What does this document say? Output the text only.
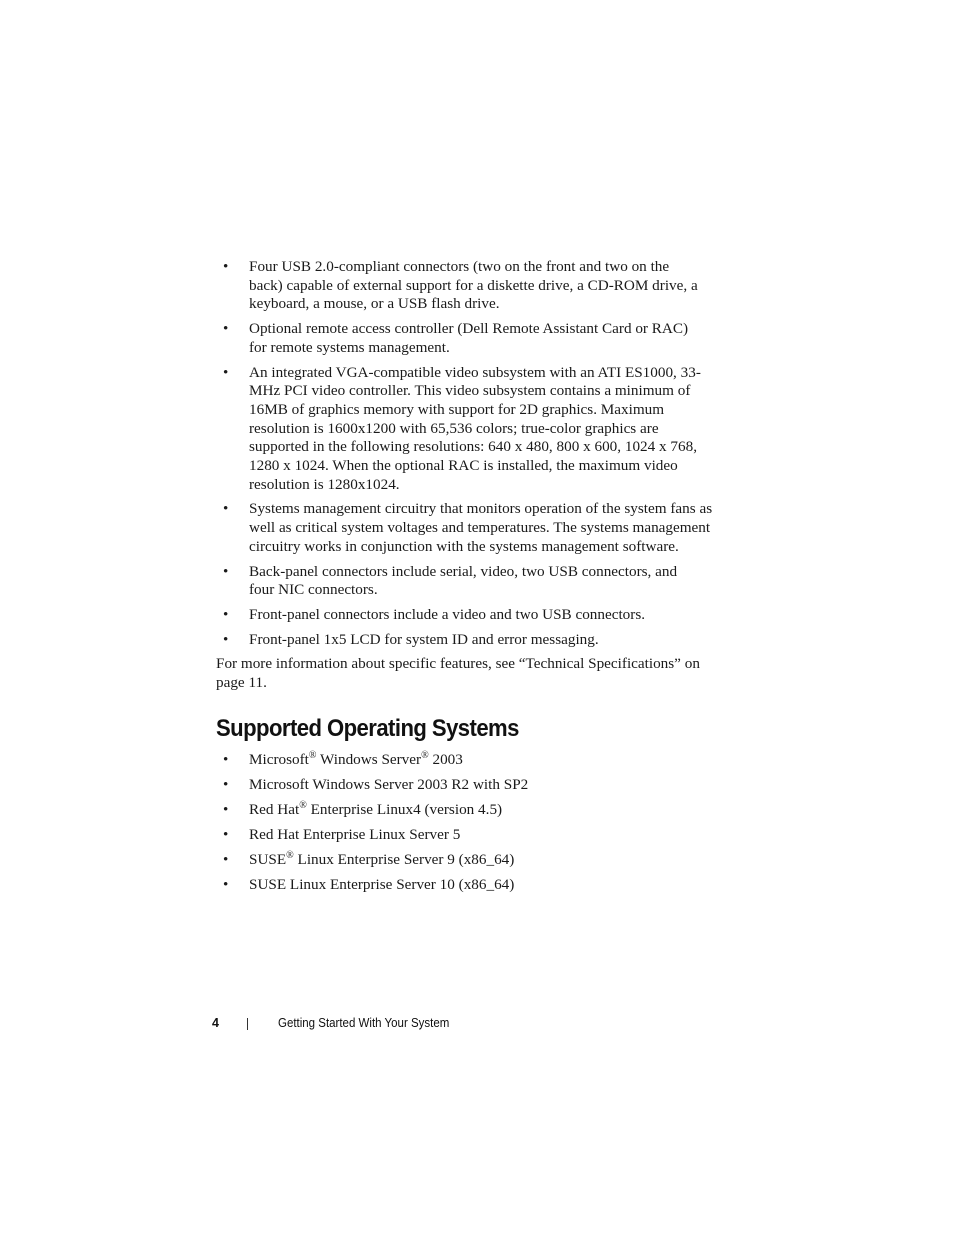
• Four USB 2.0-compliant connectors (two on the front and two on the back) capable of external support for a diskette drive, a CD-ROM drive, a keyboard, a mouse, or a USB flash drive.
• Optional remote access controller (Dell Remote Assistant Card or RAC) for remote systems management.
• An integrated VGA-compatible video subsystem with an ATI ES1000, 33-MHz PCI video controller. This video subsystem contains a minimum of 16MB of graphics memory with support for 2D graphics. Maximum resolution is 1600x1200 with 65,536 colors; true-color graphics are supported in the following resolutions: 640 x 480, 800 x 600, 1024 x 768, 1280 x 1024. When the optional RAC is installed, the maximum video resolution is 1280x1024.
• Systems management circuitry that monitors operation of the system fans as well as critical system voltages and temperatures. The systems management circuitry works in conjunction with the systems management software.
• Back-panel connectors include serial, video, two USB connectors, and four NIC connectors.
• Front-panel connectors include a video and two USB connectors.
• Front-panel 1x5 LCD for system ID and error messaging.

For more information about specific features, see “Technical Specifications” on page 11.

Supported Operating Systems
• Microsoft® Windows Server® 2003
• Microsoft Windows Server 2003 R2 with SP2
• Red Hat® Enterprise Linux4 (version 4.5)
• Red Hat Enterprise Linux Server 5
• SUSE® Linux Enterprise Server 9 (x86_64)
• SUSE Linux Enterprise Server 10 (x86_64)
4	Getting Started With Your System
